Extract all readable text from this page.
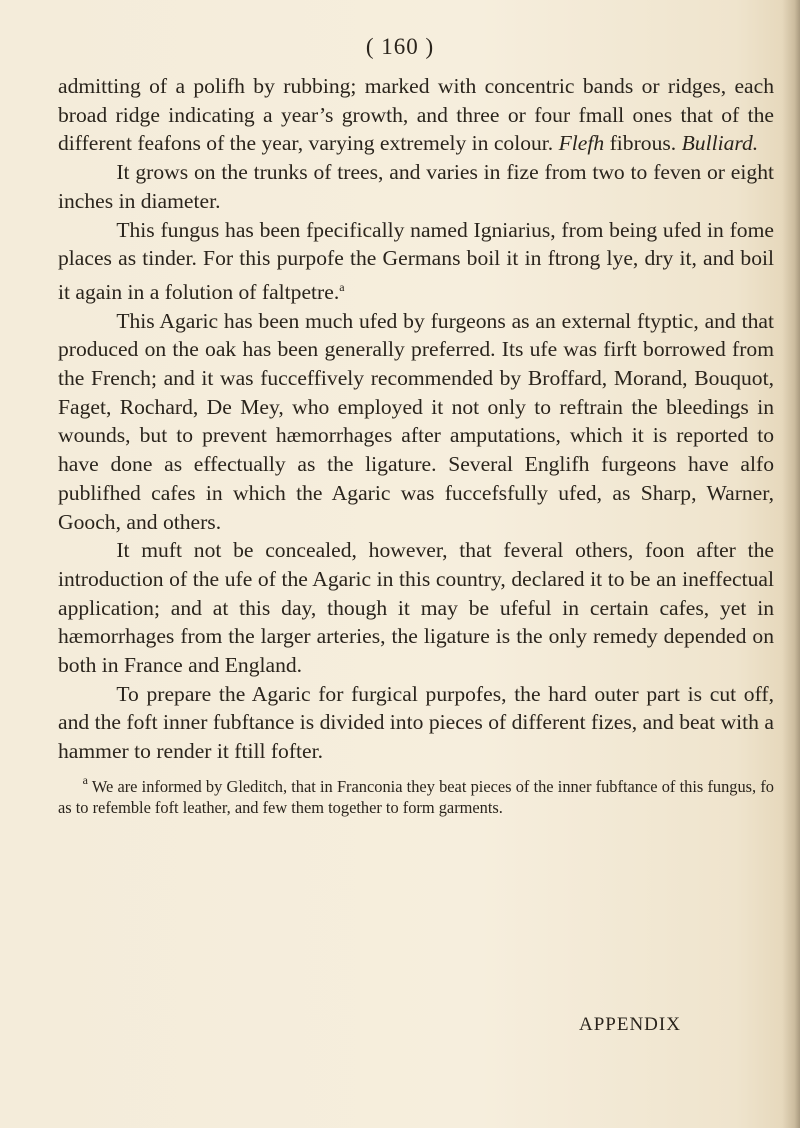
( 160 )

admitting of a polifh by rubbing; marked with concentric bands or ridges, each broad ridge indicating a year’s growth, and three or four fmall ones that of the different feafons of the year, varying extremely in colour. Flefh fibrous. Bulliard.

It grows on the trunks of trees, and varies in fize from two to feven or eight inches in diameter.

This fungus has been fpecifically named Igniarius, from being ufed in fome places as tinder. For this purpofe the Germans boil it in ftrong lye, dry it, and boil it again in a folution of faltpetre.$^a$

This Agaric has been much ufed by furgeons as an external ftyptic, and that produced on the oak has been generally preferred. Its ufe was firft borrowed from the French; and it was fucceffively recommended by Broffard, Morand, Bouquot, Faget, Rochard, De Mey, who employed it not only to reftrain the bleedings in wounds, but to prevent hæmorrhages after amputations, which it is reported to have done as effectually as the ligature. Several Englifh furgeons have alfo publifhed cafes in which the Agaric was fuccefsfully ufed, as Sharp, Warner, Gooch, and others.

It muft not be concealed, however, that feveral others, foon after the introduction of the ufe of the Agaric in this country, declared it to be an ineffectual application; and at this day, though it may be ufeful in certain cafes, yet in hæmorrhages from the larger arteries, the ligature is the only remedy depended on both in France and England.

To prepare the Agaric for furgical purpofes, the hard outer part is cut off, and the foft inner fubftance is divided into pieces of different fizes, and beat with a hammer to render it ftill fofter.

$^a$ We are informed by Gleditch, that in Franconia they beat pieces of the inner fubftance of this fungus, fo as to refemble foft leather, and few them together to form garments.
APPENDIX
